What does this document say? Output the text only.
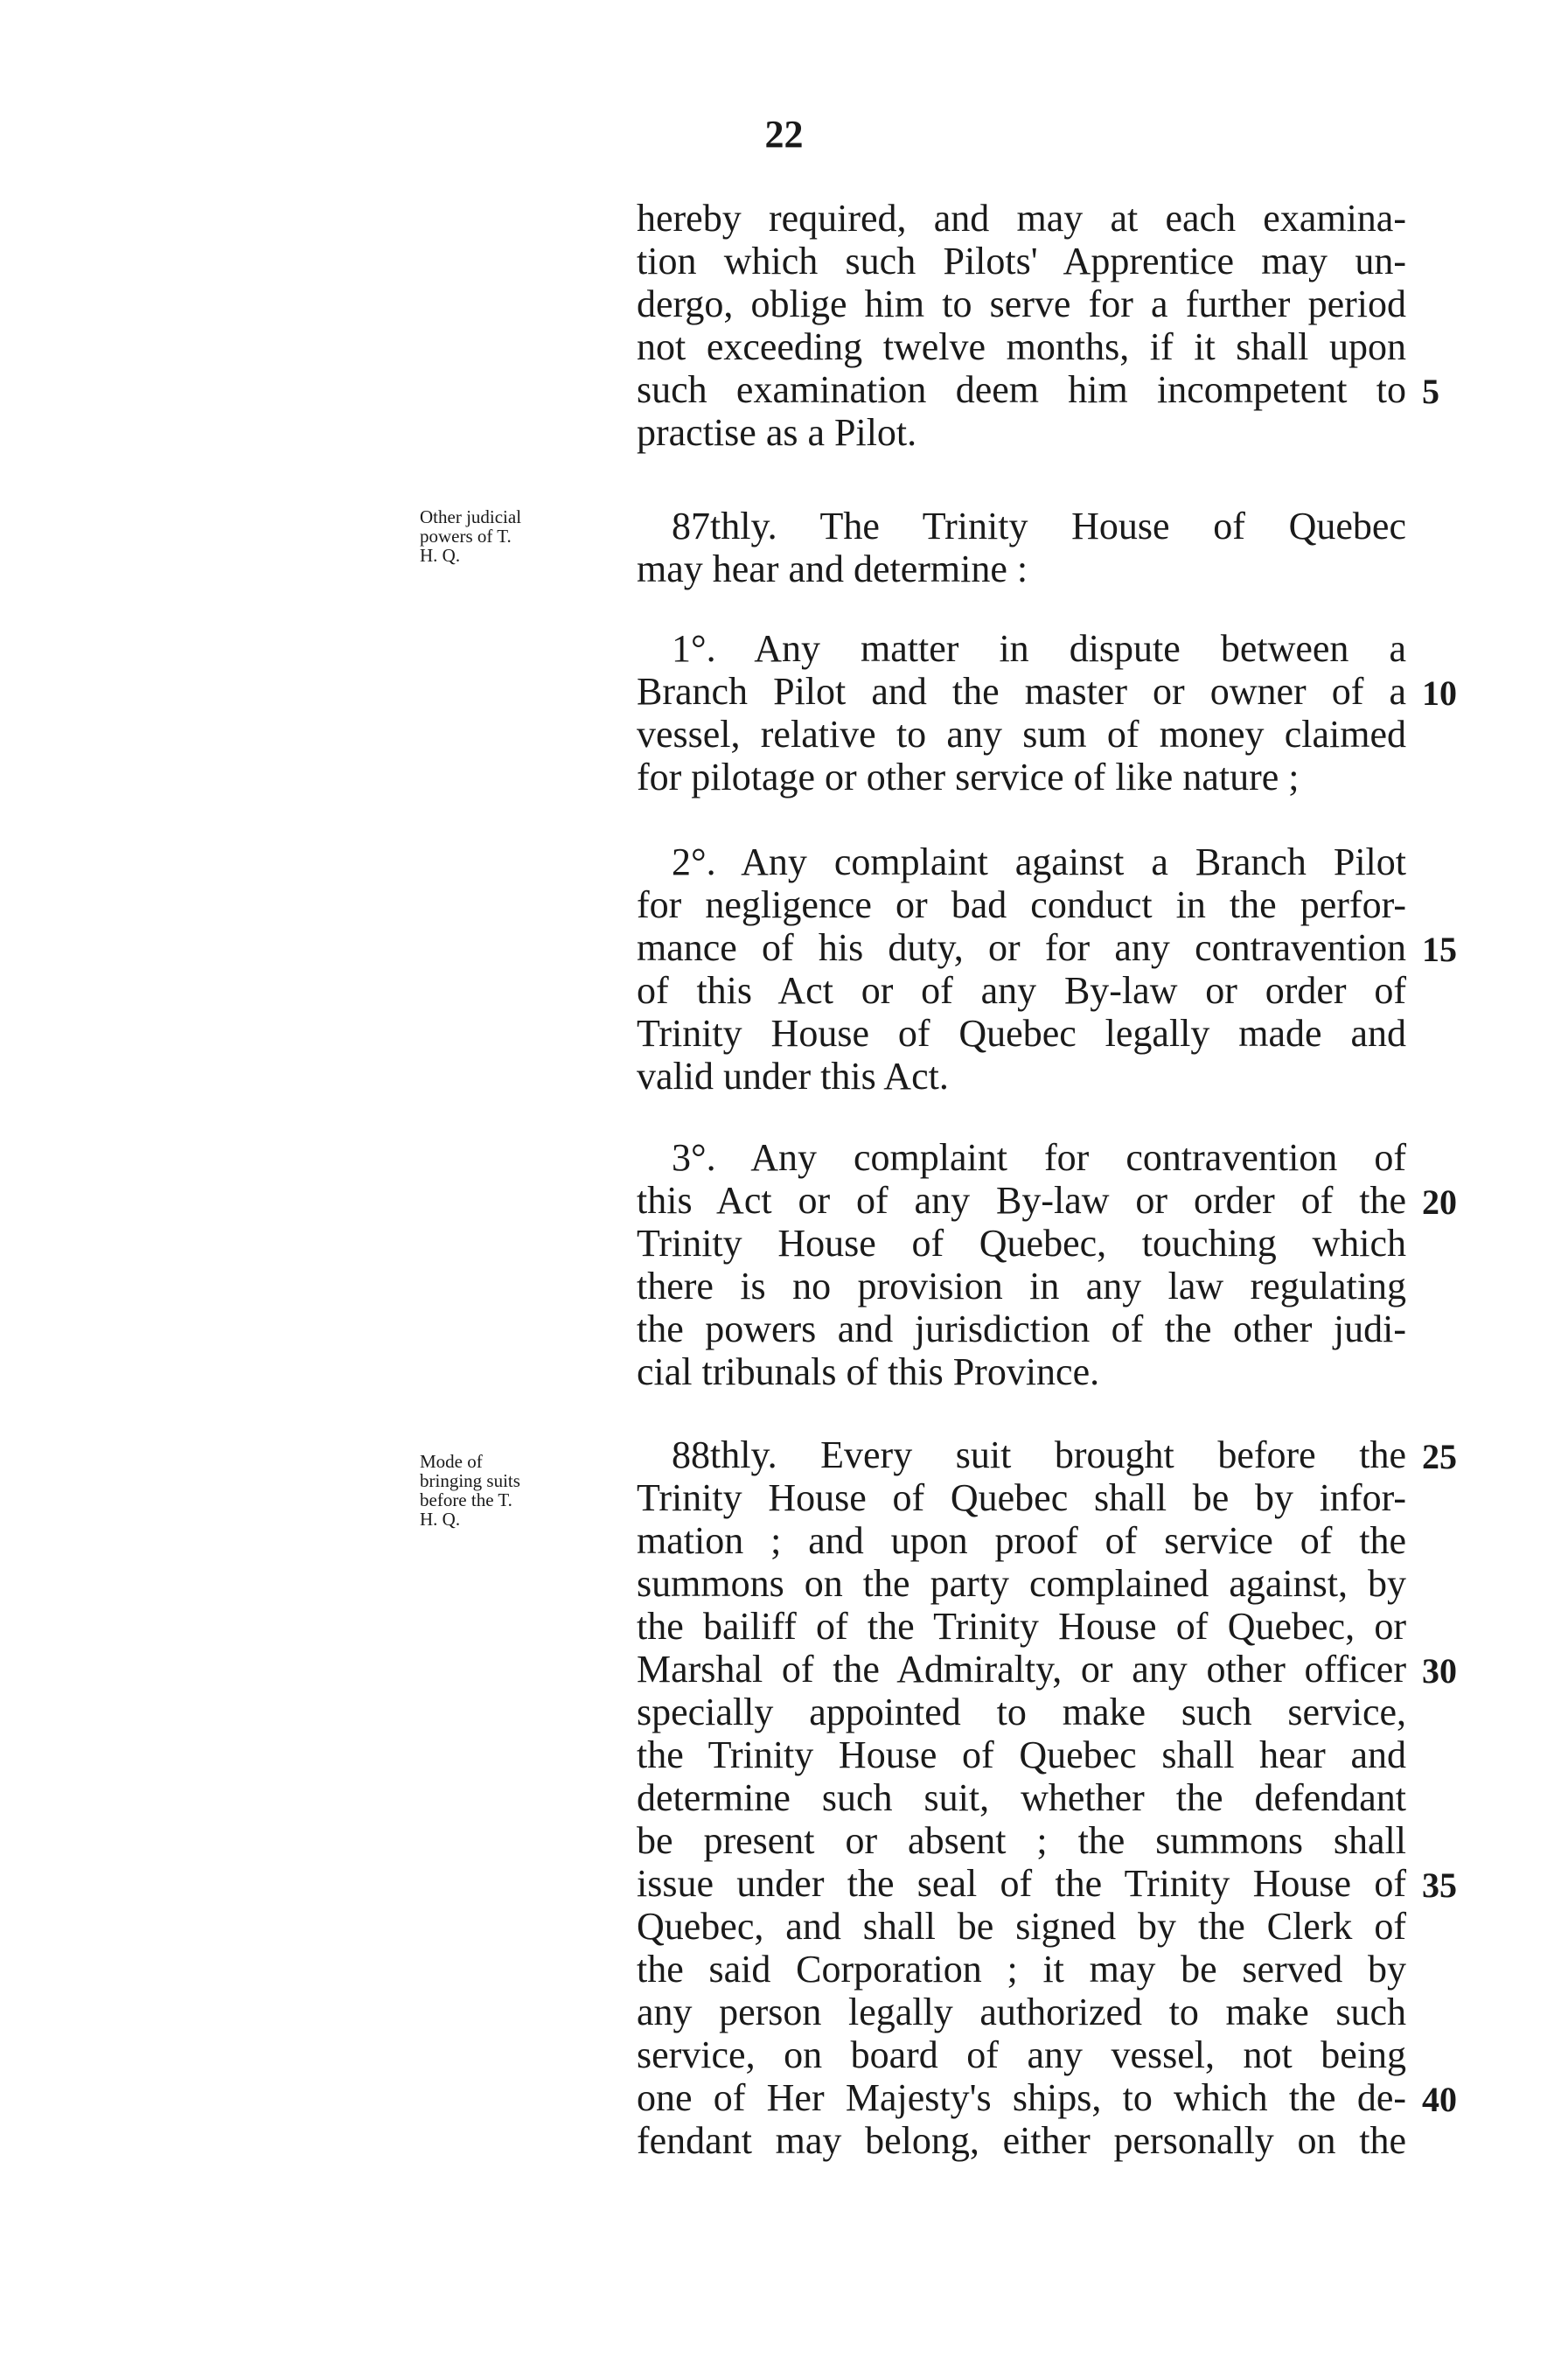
22
Other judicial
powers of T.
H. Q.
Mode of
bringing suits
before the T.
H. Q.
hereby required, and may at each examina-
tion which such Pilots' Apprentice may un-
dergo, oblige him to serve for a further period
not exceeding twelve months, if it shall upon
such examination deem him incompetent to
practise as a Pilot.
87thly. The Trinity House of Quebec
may hear and determine :
1°. Any matter in dispute between a
Branch Pilot and the master or owner of a
vessel, relative to any sum of money claimed
for pilotage or other service of like nature ;
2°. Any complaint against a Branch Pilot
for negligence or bad conduct in the perfor-
mance of his duty, or for any contravention
of this Act or of any By-law or order of
Trinity House of Quebec legally made and
valid under this Act.
3°. Any complaint for contravention of
this Act or of any By-law or order of the
Trinity House of Quebec, touching which
there is no provision in any law regulating
the powers and jurisdiction of the other judi-
cial tribunals of this Province.
88thly. Every suit brought before the
Trinity House of Quebec shall be by infor-
mation ; and upon proof of service of the
summons on the party complained against, by
the bailiff of the Trinity House of Quebec, or
Marshal of the Admiralty, or any other officer
specially appointed to make such service,
the Trinity House of Quebec shall hear and
determine such suit, whether the defendant
be present or absent ; the summons shall
issue under the seal of the Trinity House of
Quebec, and shall be signed by the Clerk of
the said Corporation ; it may be served by
any person legally authorized to make such
service, on board of any vessel, not being
one of Her Majesty's ships, to which the de-
fendant may belong, either personally on the
5
10
15
20
25
30
35
40
